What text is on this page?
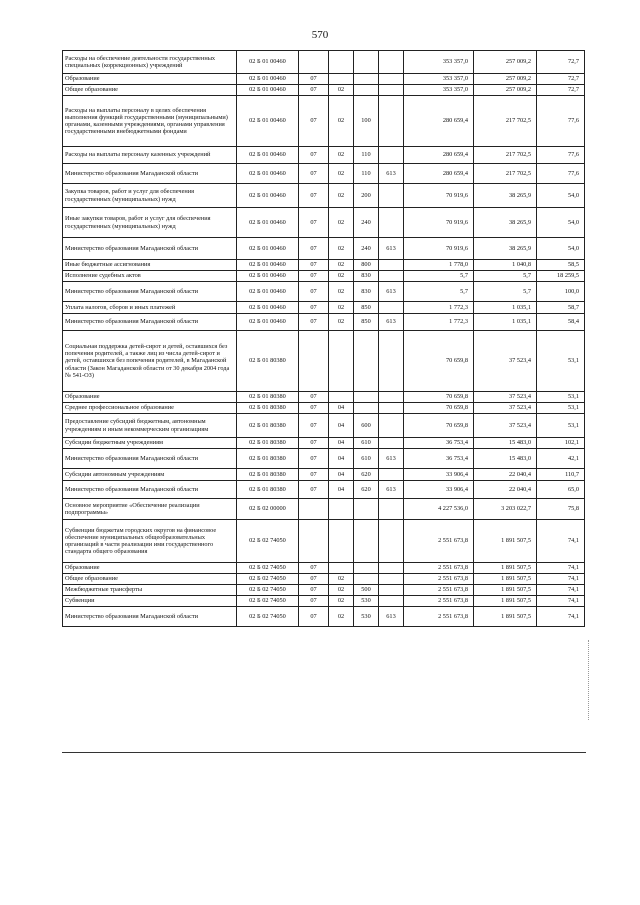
570
Расходы на обеспечение деятельности государственных специальных (коррекционных) учреждений	02 Б 01 00460					353 357,0	257 009,2	72,7
Образование	02 Б 01 00460	07				353 357,0	257 009,2	72,7
Общее образование	02 Б 01 00460	07	02			353 357,0	257 009,2	72,7
Расходы на выплаты персоналу в целях обеспечения выполнения функций государственными (муниципальными) органами, казенными учреждениями, органами управления государственными внебюджетными фондами	02 Б 01 00460	07	02	100		280 659,4	217 702,5	77,6
Расходы на выплаты персоналу казенных учреждений	02 Б 01 00460	07	02	110		280 659,4	217 702,5	77,6
Министерство образования Магаданской области	02 Б 01 00460	07	02	110	613	280 659,4	217 702,5	77,6
Закупка товаров, работ и услуг для обеспечения государственных (муниципальных) нужд	02 Б 01 00460	07	02	200		70 919,6	38 265,9	54,0
Иные закупки товаров, работ и услуг для обеспечения государственных (муниципальных) нужд	02 Б 01 00460	07	02	240		70 919,6	38 265,9	54,0
Министерство образования Магаданской области	02 Б 01 00460	07	02	240	613	70 919,6	38 265,9	54,0
Иные бюджетные ассигнования	02 Б 01 00460	07	02	800		1 778,0	1 040,8	58,5
Исполнение судебных актов	02 Б 01 00460	07	02	830		5,7	5,7	18 259,5
Министерство образования Магаданской области	02 Б 01 00460	07	02	830	613	5,7	5,7	100,0
Уплата налогов, сборов и иных платежей	02 Б 01 00460	07	02	850		1 772,3	1 035,1	58,7
Министерство образования Магаданской области	02 Б 01 00460	07	02	850	613	1 772,3	1 035,1	58,4
Социальная поддержка детей-сирот и детей, оставшихся без попечения родителей, а также лиц из числа детей-сирот и детей, оставшихся без попечения родителей, в Магаданской области (Закон Магаданской области от 30 декабря 2004 года № 541-ОЗ)	02 Б 01 80380					70 659,8	37 523,4	53,1
Образование	02 Б 01 80380	07				70 659,8	37 523,4	53,1
Среднее профессиональное образование	02 Б 01 80380	07	04			70 659,8	37 523,4	53,1
Предоставление субсидий бюджетным, автономным учреждениям и иным некоммерческим организациям	02 Б 01 80380	07	04	600		70 659,8	37 523,4	53,1
Субсидии бюджетным учреждениям	02 Б 01 80380	07	04	610		36 753,4	15 483,0	102,1
Министерство образования Магаданской области	02 Б 01 80380	07	04	610	613	36 753,4	15 483,0	42,1
Субсидии автономным учреждениям	02 Б 01 80380	07	04	620		33 906,4	22 040,4	110,7
Министерство образования Магаданской области	02 Б 01 80380	07	04	620	613	33 906,4	22 040,4	65,0
Основное мероприятие «Обеспечение реализации подпрограммы»	02 Б 02 00000					4 227 536,0	3 203 022,7	75,8
Субвенции бюджетам городских округов на финансовое обеспечение муниципальных общеобразовательных организаций в части реализации ими государственного стандарта общего образования	02 Б 02 74050					2 551 673,8	1 891 507,5	74,1
Образование	02 Б 02 74050	07				2 551 673,8	1 891 507,5	74,1
Общее образование	02 Б 02 74050	07	02			2 551 673,8	1 891 507,5	74,1
Межбюджетные трансферты	02 Б 02 74050	07	02	500		2 551 673,8	1 891 507,5	74,1
Субвенции	02 Б 02 74050	07	02	530		2 551 673,8	1 891 507,5	74,1
Министерство образования Магаданской области	02 Б 02 74050	07	02	530	613	2 551 673,8	1 891 507,5	74,1
